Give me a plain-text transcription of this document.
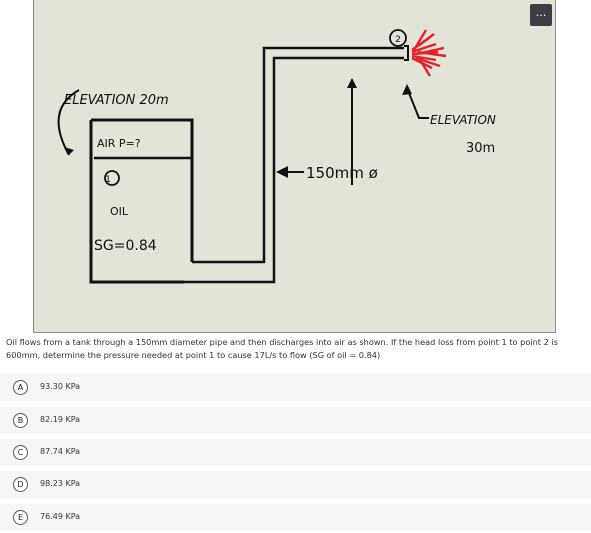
ELEVATION 20m
AIR P=?
1
OIL
SG=0.84
2
150mm ø
ELEVATION
30m
...
Oil flows from a tank through a 150mm diameter pipe and then discharges into air as shown. If the head loss from point 1 to point 2 is 600mm, determine the pressure needed at point 1 to cause 17L/s to flow (SG of oil = 0.84)
A	93.30 KPa
B	82.19 KPa
C	87.74 KPa
D	98.23 KPa
E	76.49 KPa
